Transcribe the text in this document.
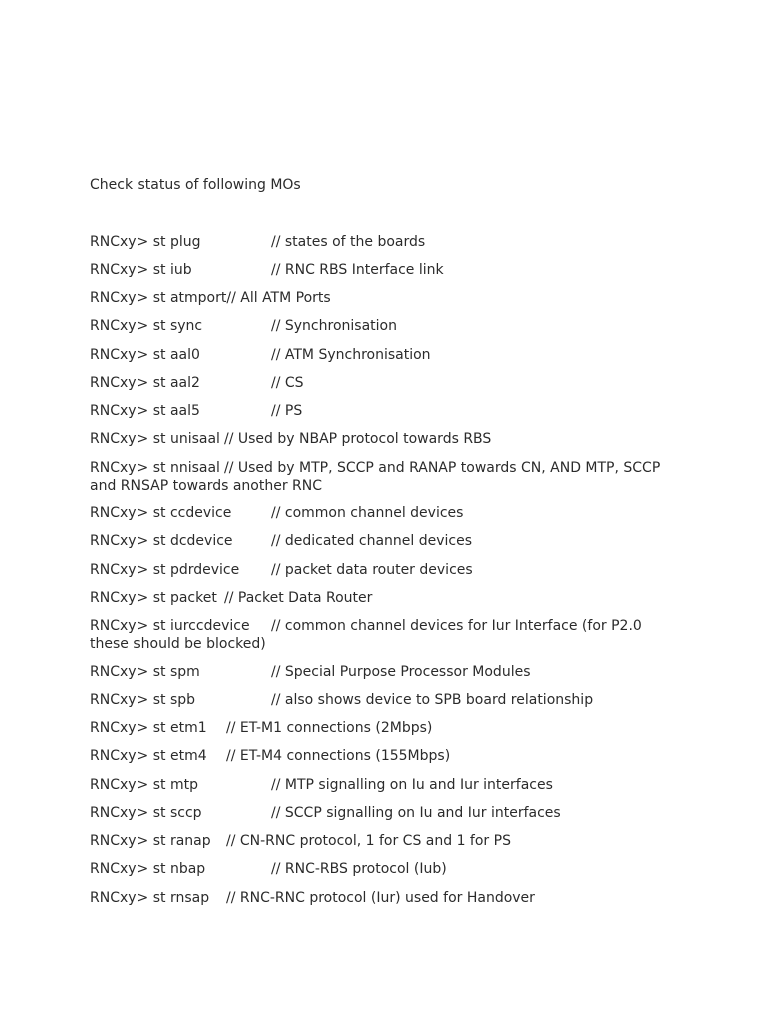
Check status of following MOs
RNCxy> st plug	// states of the boards
RNCxy> st iub	// RNC RBS Interface link
RNCxy> st atmport// All ATM Ports
RNCxy> st sync	// Synchronisation
RNCxy> st aal0	// ATM Synchronisation
RNCxy> st aal2	// CS
RNCxy> st aal5	// PS
RNCxy> st unisaal // Used by NBAP protocol towards RBS
RNCxy> st nnisaal // Used by MTP, SCCP and RANAP towards CN, AND MTP, SCCP and RNSAP towards another RNC
RNCxy> st ccdevice	// common channel devices
RNCxy> st dcdevice	// dedicated channel devices
RNCxy> st pdrdevice // packet data router devices
RNCxy> st packet // Packet Data Router
RNCxy> st iurccdevice // common channel devices for Iur Interface (for P2.0 these should be blocked)
RNCxy> st spm	// Special Purpose Processor Modules
RNCxy> st spb	// also shows device to SPB board relationship
RNCxy> st etm1 // ET-M1 connections (2Mbps)
RNCxy> st etm4 // ET-M4 connections (155Mbps)
RNCxy> st mtp	// MTP signalling on Iu and Iur interfaces
RNCxy> st sccp	// SCCP signalling on Iu and Iur interfaces
RNCxy> st ranap // CN-RNC protocol, 1 for CS and 1 for PS
RNCxy> st nbap	// RNC-RBS protocol (Iub)
RNCxy> st rnsap // RNC-RNC protocol (Iur) used for Handover
